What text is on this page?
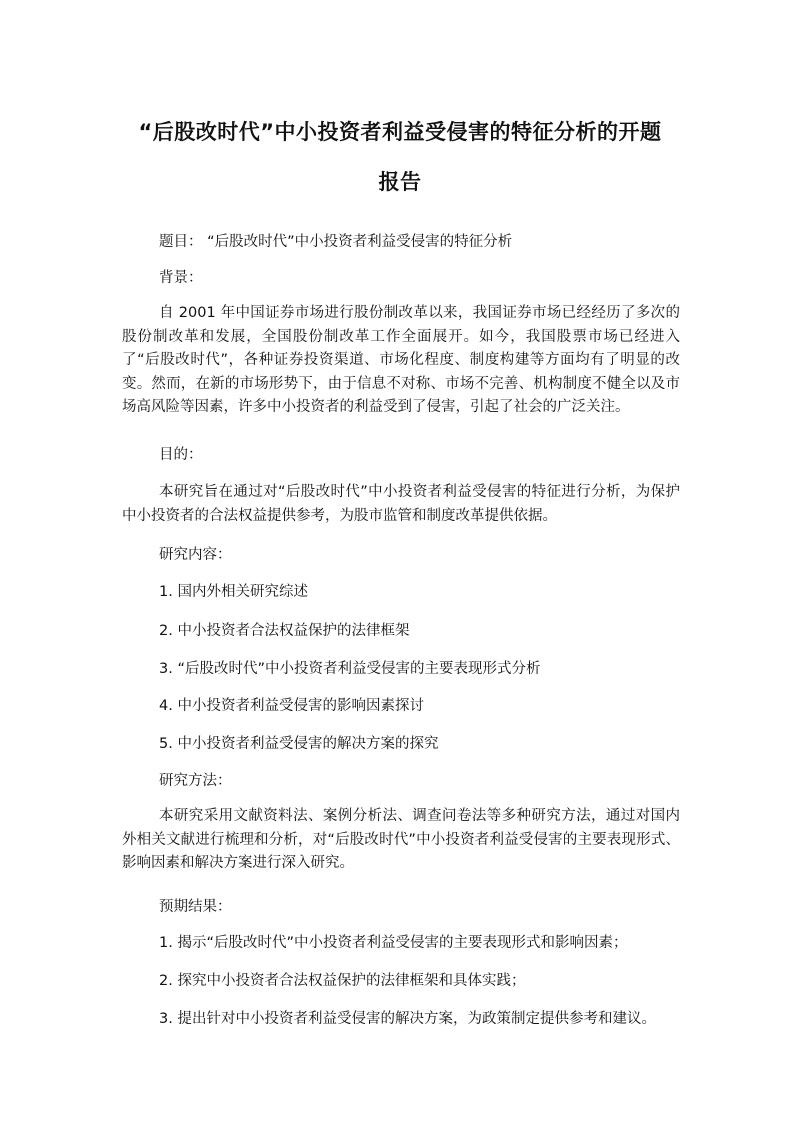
“后股改时代”中小投资者利益受侵害的特征分析的开题
报告
题目： “后股改时代”中小投资者利益受侵害的特征分析
背景：
自 2001 年中国证券市场进行股份制改革以来，我国证券市场已经经历了多次的股份制改革和发展，全国股份制改革工作全面展开。如今，我国股票市场已经进入了“后股改时代”，各种证券投资渠道、市场化程度、制度构建等方面均有了明显的改变。然而，在新的市场形势下，由于信息不对称、市场不完善、机构制度不健全以及市场高风险等因素，许多中小投资者的利益受到了侵害，引起了社会的广泛关注。
目的：
本研究旨在通过对“后股改时代”中小投资者利益受侵害的特征进行分析，为保护中小投资者的合法权益提供参考，为股市监管和制度改革提供依据。
研究内容：
1. 国内外相关研究综述
2. 中小投资者合法权益保护的法律框架
3. “后股改时代”中小投资者利益受侵害的主要表现形式分析
4. 中小投资者利益受侵害的影响因素探讨
5. 中小投资者利益受侵害的解决方案的探究
研究方法：
本研究采用文献资料法、案例分析法、调查问卷法等多种研究方法，通过对国内外相关文献进行梳理和分析，对“后股改时代”中小投资者利益受侵害的主要表现形式、影响因素和解决方案进行深入研究。
预期结果：
1. 揭示“后股改时代”中小投资者利益受侵害的主要表现形式和影响因素；
2. 探究中小投资者合法权益保护的法律框架和具体实践；
3. 提出针对中小投资者利益受侵害的解决方案，为政策制定提供参考和建议。
